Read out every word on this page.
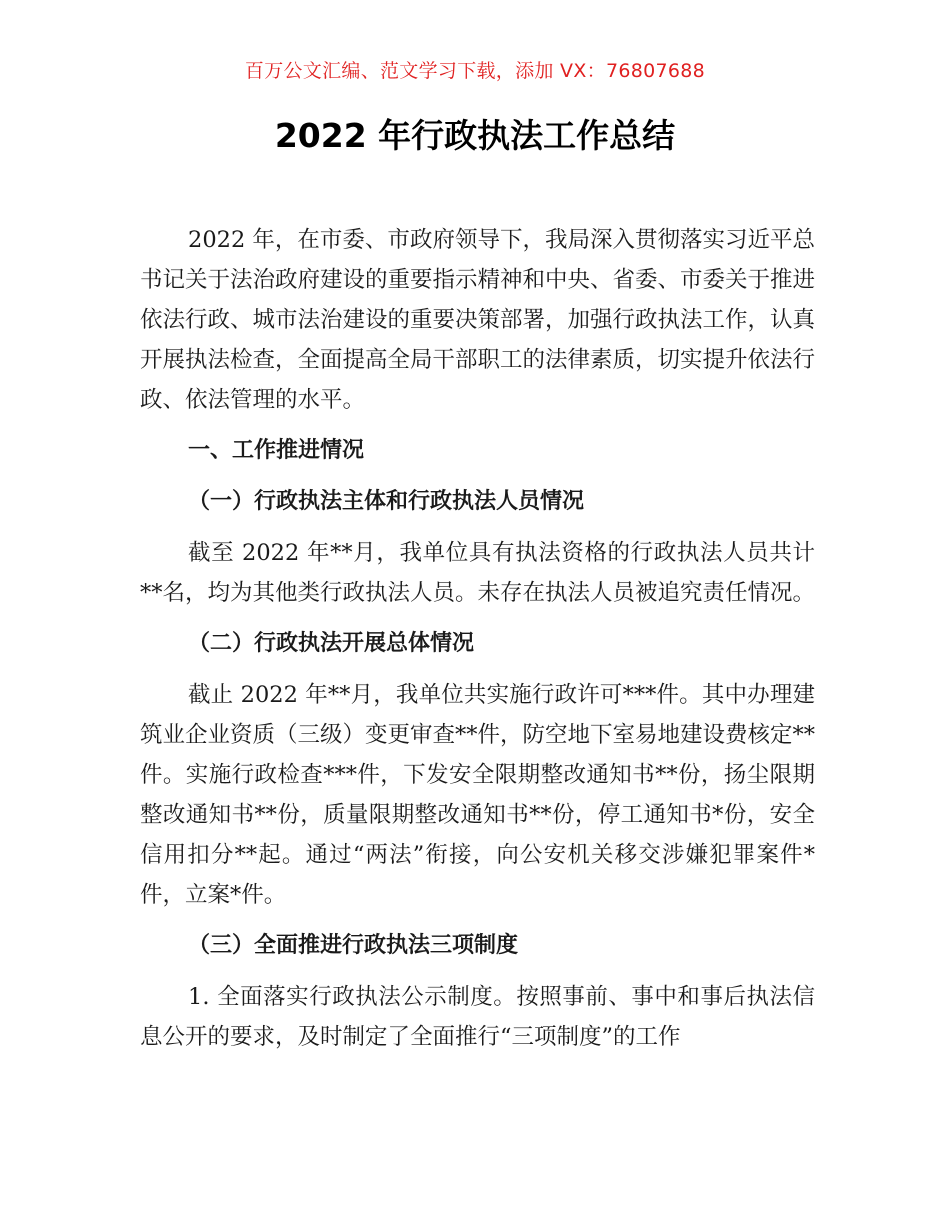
百万公文汇编、范文学习下载，添加 VX：76807688
2022 年行政执法工作总结

2022 年，在市委、市政府领导下，我局深入贯彻落实习近平总书记关于法治政府建设的重要指示精神和中央、省委、市委关于推进依法行政、城市法治建设的重要决策部署，加强行政执法工作，认真开展执法检查，全面提高全局干部职工的法律素质，切实提升依法行政、依法管理的水平。

一、工作推进情况
（一）行政执法主体和行政执法人员情况

截至 2022 年**月，我单位具有执法资格的行政执法人员共计**名，均为其他类行政执法人员。未存在执法人员被追究责任情况。

（二）行政执法开展总体情况

截止 2022 年**月，我单位共实施行政许可***件。其中办理建筑业企业资质（三级）变更审查**件，防空地下室易地建设费核定**件。实施行政检查***件，下发安全限期整改通知书**份，扬尘限期整改通知书**份，质量限期整改通知书**份，停工通知书*份，安全信用扣分**起。通过“两法”衔接，向公安机关移交涉嫌犯罪案件*件，立案*件。

（三）全面推进行政执法三项制度

1. 全面落实行政执法公示制度。按照事前、事中和事后执法信息公开的要求，及时制定了全面推行“三项制度”的工作
